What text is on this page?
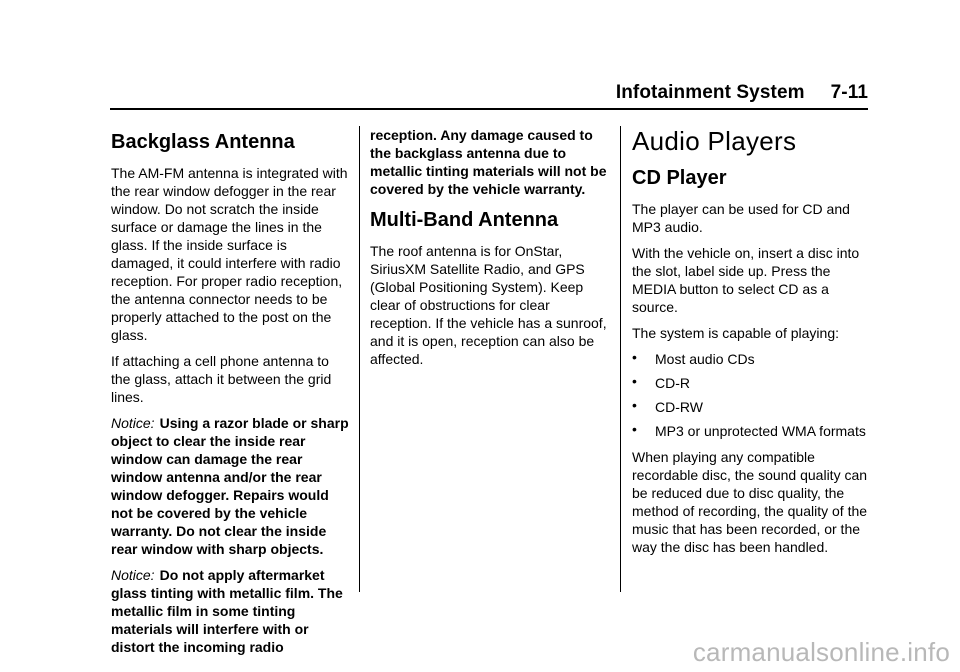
Infotainment System 7-11
Backglass Antenna

The AM-FM antenna is integrated with the rear window defogger in the rear window. Do not scratch the inside surface or damage the lines in the glass. If the inside surface is damaged, it could interfere with radio reception. For proper radio reception, the antenna connector needs to be properly attached to the post on the glass.

If attaching a cell phone antenna to the glass, attach it between the grid lines.

Notice: Using a razor blade or sharp object to clear the inside rear window can damage the rear window antenna and/or the rear window defogger. Repairs would not be covered by the vehicle warranty. Do not clear the inside rear window with sharp objects.

Notice: Do not apply aftermarket glass tinting with metallic film. The metallic film in some tinting materials will interfere with or distort the incoming radio

reception. Any damage caused to the backglass antenna due to metallic tinting materials will not be covered by the vehicle warranty.

Multi-Band Antenna

The roof antenna is for OnStar, SiriusXM Satellite Radio, and GPS (Global Positioning System). Keep clear of obstructions for clear reception. If the vehicle has a sunroof, and it is open, reception can also be affected.

Audio Players
CD Player

The player can be used for CD and MP3 audio.

With the vehicle on, insert a disc into the slot, label side up. Press the MEDIA button to select CD as a source.

The system is capable of playing:

• Most audio CDs
• CD-R
• CD-RW
• MP3 or unprotected WMA formats

When playing any compatible recordable disc, the sound quality can be reduced due to disc quality, the method of recording, the quality of the music that has been recorded, or the way the disc has been handled.

carmanualsonline.info
